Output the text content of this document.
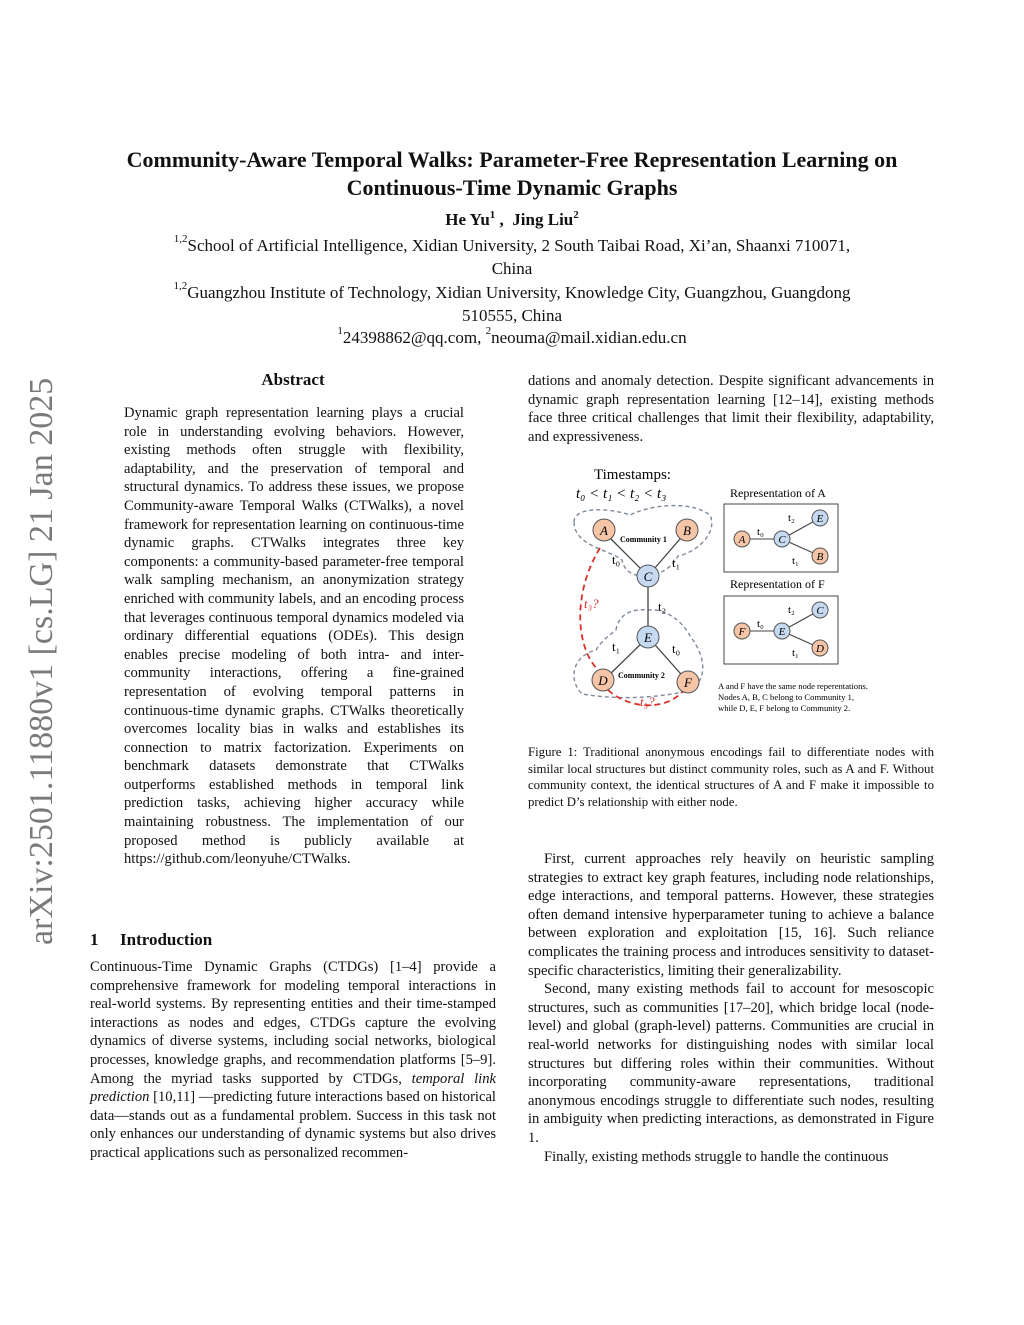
arXiv:2501.11880v1 [cs.LG] 21 Jan 2025
Community-Aware Temporal Walks: Parameter-Free Representation Learning on
Continuous-Time Dynamic Graphs
He Yu$^1$ ,  Jing Liu$^2$
$^{1,2}$School of Artificial Intelligence, Xidian University, 2 South Taibai Road, Xi’an, Shaanxi 710071,
China
$^{1,2}$Guangzhou Institute of Technology, Xidian University, Knowledge City, Guangzhou, Guangdong
510555, China
$^1$24398862@qq.com, $^2$neouma@mail.xidian.edu.cn
Abstract
Dynamic graph representation learning plays a crucial role in understanding evolving behaviors. However, existing methods often struggle with flexibility, adaptability, and the preservation of temporal and structural dynamics. To address these issues, we propose Community-aware Temporal Walks (CTWalks), a novel framework for representation learning on continuous-time dynamic graphs. CTWalks integrates three key components: a community-based parameter-free temporal walk sampling mechanism, an anonymization strategy enriched with community labels, and an encoding process that leverages continuous temporal dynamics modeled via ordinary differential equations (ODEs). This design enables precise modeling of both intra- and inter-community interactions, offering a fine-grained representation of evolving temporal patterns in continuous-time dynamic graphs. CTWalks theoretically overcomes locality bias in walks and establishes its connection to matrix factorization. Experiments on benchmark datasets demonstrate that CTWalks outperforms established methods in temporal link prediction tasks, achieving higher accuracy while maintaining robustness. The implementation of our proposed method is publicly available at https://github.com/leonyuhe/CTWalks.
1 Introduction
Continuous-Time Dynamic Graphs (CTDGs) [1–4] provide a comprehensive framework for modeling temporal interactions in real-world systems. By representing entities and their time-stamped interactions as nodes and edges, CTDGs capture the evolving dynamics of diverse systems, including social networks, biological processes, knowledge graphs, and recommendation platforms [5–9]. Among the myriad tasks supported by CTDGs, temporal link prediction [10,11] —predicting future interactions based on historical data—stands out as a fundamental problem. Success in this task not only enhances our understanding of dynamic systems but also drives practical applications such as personalized recommen-
dations and anomaly detection. Despite significant advancements in dynamic graph representation learning [12–14], existing methods face three critical challenges that limit their flexibility, adaptability, and expressiveness.
Timestamps:
t₀ < t₁ < t₂ < t₃
A	B
C
E
D	F
Community 1
Community 2
t₀	t₁
t₂
t₁	t₀
t₃?
t₃?
Representation of A
A	C
E
B
t₀
t₂
t₁
Representation of F
F	E
C
D
t₀
t₂
t₁
A and F have the same node reperentations.
Nodes A, B, C belong to Community 1,
while D, E, F belong to Community 2.
Figure 1: Traditional anonymous encodings fail to differentiate nodes with similar local structures but distinct community roles, such as A and F. Without community context, the identical structures of A and F make it impossible to predict D’s relationship with either node.

First, current approaches rely heavily on heuristic sampling strategies to extract key graph features, including node relationships, edge interactions, and temporal patterns. However, these strategies often demand intensive hyperparameter tuning to achieve a balance between exploration and exploitation [15, 16]. Such reliance complicates the training process and introduces sensitivity to dataset-specific characteristics, limiting their generalizability.

Second, many existing methods fail to account for mesoscopic structures, such as communities [17–20], which bridge local (node-level) and global (graph-level) patterns. Communities are crucial in real-world networks for distinguishing nodes with similar local structures but differing roles within their communities. Without incorporating community-aware representations, traditional anonymous encodings struggle to differentiate such nodes, resulting in ambiguity when predicting interactions, as demonstrated in Figure 1.

Finally, existing methods struggle to handle the continuous
